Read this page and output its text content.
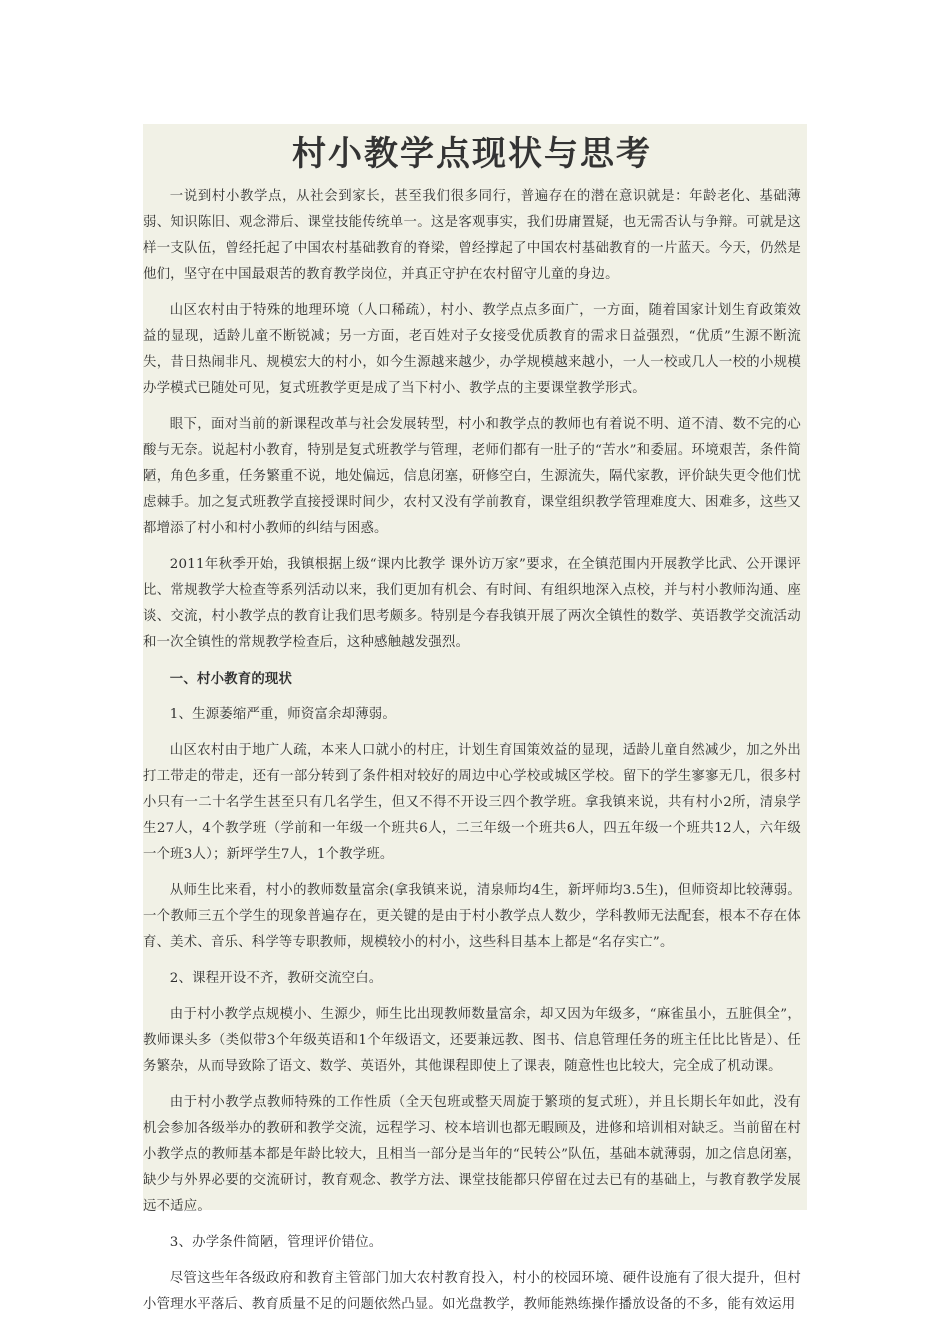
村小教学点现状与思考

一说到村小教学点，从社会到家长，甚至我们很多同行，普遍存在的潜在意识就是：年龄老化、基础薄弱、知识陈旧、观念滞后、课堂技能传统单一。这是客观事实，我们毋庸置疑，也无需否认与争辩。可就是这样一支队伍，曾经托起了中国农村基础教育的脊梁，曾经撑起了中国农村基础教育的一片蓝天。今天，仍然是他们，坚守在中国最艰苦的教育教学岗位，并真正守护在农村留守儿童的身边。

山区农村由于特殊的地理环境（人口稀疏），村小、教学点点多面广，一方面，随着国家计划生育政策效益的显现，适龄儿童不断锐减；另一方面，老百姓对子女接受优质教育的需求日益强烈，“优质”生源不断流失，昔日热闹非凡、规模宏大的村小，如今生源越来越少，办学规模越来越小，一人一校或几人一校的小规模办学模式已随处可见，复式班教学更是成了当下村小、教学点的主要课堂教学形式。

眼下，面对当前的新课程改革与社会发展转型，村小和教学点的教师也有着说不明、道不清、数不完的心酸与无奈。说起村小教育，特别是复式班教学与管理，老师们都有一肚子的“苦水”和委屈。环境艰苦，条件简陋，角色多重，任务繁重不说，地处偏远，信息闭塞，研修空白，生源流失，隔代家教，评价缺失更令他们忧虑棘手。加之复式班教学直接授课时间少，农村又没有学前教育，课堂组织教学管理难度大、困难多，这些又都增添了村小和村小教师的纠结与困惑。

2011年秋季开始，我镇根据上级“课内比教学 课外访万家”要求，在全镇范围内开展教学比武、公开课评比、常规教学大检查等系列活动以来，我们更加有机会、有时间、有组织地深入点校，并与村小教师沟通、座谈、交流，村小教学点的教育让我们思考颇多。特别是今春我镇开展了两次全镇性的数学、英语教学交流活动和一次全镇性的常规教学检查后，这种感触越发强烈。

一、村小教育的现状

1、生源萎缩严重，师资富余却薄弱。

山区农村由于地广人疏，本来人口就小的村庄，计划生育国策效益的显现，适龄儿童自然减少，加之外出打工带走的带走，还有一部分转到了条件相对较好的周边中心学校或城区学校。留下的学生寥寥无几，很多村小只有一二十名学生甚至只有几名学生，但又不得不开设三四个教学班。拿我镇来说，共有村小2所，清泉学生27人，4个教学班（学前和一年级一个班共6人，二三年级一个班共6人，四五年级一个班共12人，六年级一个班3人）；新坪学生7人，1个教学班。

从师生比来看，村小的教师数量富余(拿我镇来说，清泉师均4生，新坪师均3.5生)，但师资却比较薄弱。一个教师三五个学生的现象普遍存在，更关键的是由于村小教学点人数少，学科教师无法配套，根本不存在体育、美术、音乐、科学等专职教师，规模较小的村小，这些科目基本上都是“名存实亡”。

2、课程开设不齐，教研交流空白。

由于村小教学点规模小、生源少，师生比出现教师数量富余，却又因为年级多，“麻雀虽小，五脏俱全”，教师课头多（类似带3个年级英语和1个年级语文，还要兼远教、图书、信息管理任务的班主任比比皆是）、任务繁杂，从而导致除了语文、数学、英语外，其他课程即使上了课表，随意性也比较大，完全成了机动课。

由于村小教学点教师特殊的工作性质（全天包班或整天周旋于繁琐的复式班），并且长期长年如此，没有机会参加各级举办的教研和教学交流，远程学习、校本培训也都无暇顾及，进修和培训相对缺乏。当前留在村小教学点的教师基本都是年龄比较大，且相当一部分是当年的“民转公”队伍，基础本就薄弱，加之信息闭塞，缺少与外界必要的交流研讨，教育观念、教学方法、课堂技能都只停留在过去已有的基础上，与教育教学发展远不适应。

3、办学条件简陋，管理评价错位。

尽管这些年各级政府和教育主管部门加大农村教育投入，村小的校园环境、硬件设施有了很大提升，但村小管理水平落后、教育质量不足的问题依然凸显。如光盘教学，教师能熟练操作播放设备的不多，能有效运用
